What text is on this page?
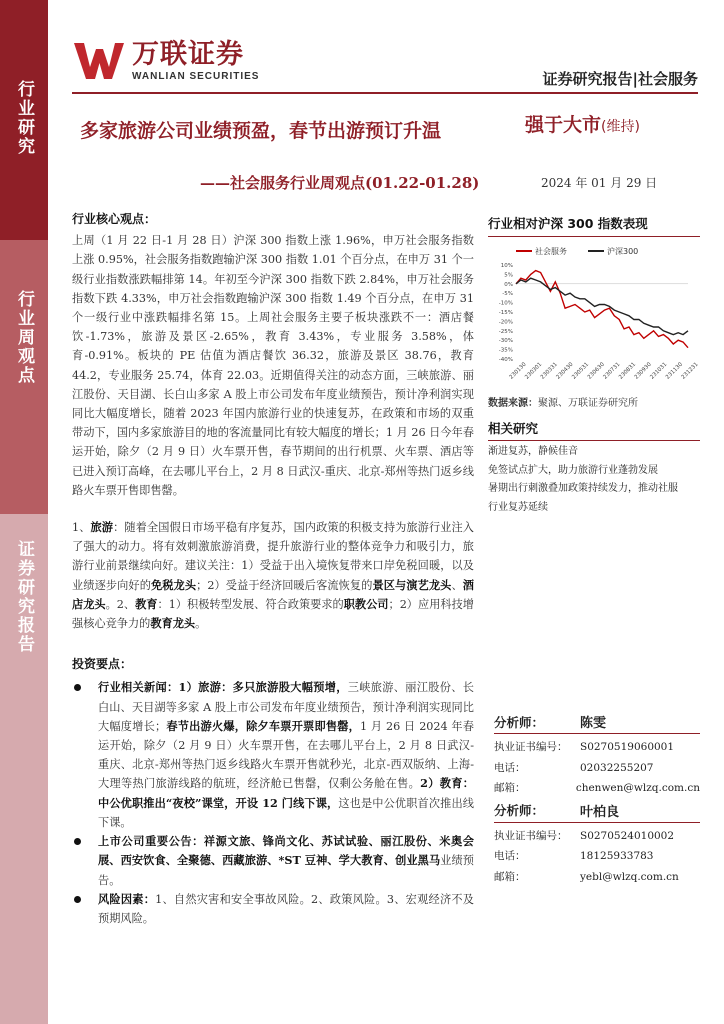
行业研究
行业周观点
证券研究报告
万联证券
WANLIAN SECURITIES	证券研究报告|社会服务
多家旅游公司业绩预盈，春节出游预订升温
——社会服务行业周观点(01.22-01.28)
强于大市(维持)
2024 年 01 月 29 日
行业核心观点：

上周（1 月 22 日-1 月 28 日）沪深 300 指数上涨 1.96%，申万社会服务指数上涨 0.95%，社会服务指数跑输沪深 300 指数 1.01 个百分点，在申万 31 个一级行业指数涨跌幅排第 14。年初至今沪深 300 指数下跌 2.84%，申万社会服务指数下跌 4.33%，申万社会指数跑输沪深 300 指数 1.49 个百分点，在申万 31 个一级行业中涨跌幅排名第 15。上周社会服务主要子板块涨跌不一：酒店餐饮-1.73%，旅游及景区-2.65%，教育 3.43%，专业服务 3.58%，体育-0.91%。板块的 PE 估值为酒店餐饮 36.32，旅游及景区 38.76，教育 44.2，专业服务 25.74，体育 22.03。近期值得关注的动态方面，三峡旅游、丽江股份、天目湖、长白山多家 A 股上市公司发布年度业绩预告，预计净利润实现同比大幅度增长，随着 2023 年国内旅游行业的快速复苏，在政策和市场的双重带动下，国内多家旅游目的地的客流量同比有较大幅度的增长；1 月 26 日今年春运开始，除夕（2 月 9 日）火车票开售，春节期间的出行机票、火车票、酒店等已进入预订高峰，在去哪儿平台上，2 月 8 日武汉-重庆、北京-郑州等热门返乡线路火车票开售即售罄。

1、旅游：随着全国假日市场平稳有序复苏，国内政策的积极支持为旅游行业注入了强大的动力。将有效刺激旅游消费，提升旅游行业的整体竞争力和吸引力，旅游行业前景继续向好。建议关注：1）受益于出入境恢复带来口岸免税回暖，以及业绩逐步向好的免税龙头；2）受益于经济回暖后客流恢复的景区与演艺龙头、酒店龙头。2、教育：1）积极转型发展、符合政策要求的职教公司；2）应用科技增强核心竞争力的教育龙头。

投资要点：
行业相关新闻：1）旅游：多只旅游股大幅预增，三峡旅游、丽江股份、长白山、天目湖等多家 A 股上市公司发布年度业绩预告，预计净利润实现同比大幅度增长；春节出游火爆，除夕车票开票即售罄，1 月 26 日 2024 年春运开始，除夕（2 月 9 日）火车票开售，在去哪儿平台上，2 月 8 日武汉-重庆、北京-郑州等热门返乡线路火车票开售就秒光，北京-西双版纳、上海-大理等热门旅游线路的航班，经济舱已售罄，仅剩公务舱在售。2）教育：中公优职推出“夜校”课堂，开设 12 门线下课，这也是中公优职首次推出线下课。
上市公司重要公告：祥源文旅、锋尚文化、苏试试验、丽江股份、米奥会展、西安饮食、全聚德、西藏旅游、*ST 豆神、学大教育、创业黑马业绩预告。
风险因素：1、自然灾害和安全事故风险。2、政策风险。3、宏观经济不及预期风险。
行业相对沪深 300 指数表现
社会服务	沪深300
10%
5%
0%
-5%
-10%
-15%
-20%
-25%
-30%
-35%
-40%
230130
230301
230331
230430
230531
230630
230731
230831
230930
231031
231130
231231
数据来源：聚源、万联证券研究所
相关研究
渐进复苏，静候佳音
免签试点扩大，助力旅游行业蓬勃发展
暑期出行刺激叠加政策持续发力，推动社服
行业复苏延续
分析师：	陈雯
执业证书编号：	S0270519060001
电话：	02032255207
邮箱：	chenwen@wlzq.com.cn
分析师：	叶柏良
执业证书编号：	S0270524010002
电话：	18125933783
邮箱：	yebl@wlzq.com.cn
